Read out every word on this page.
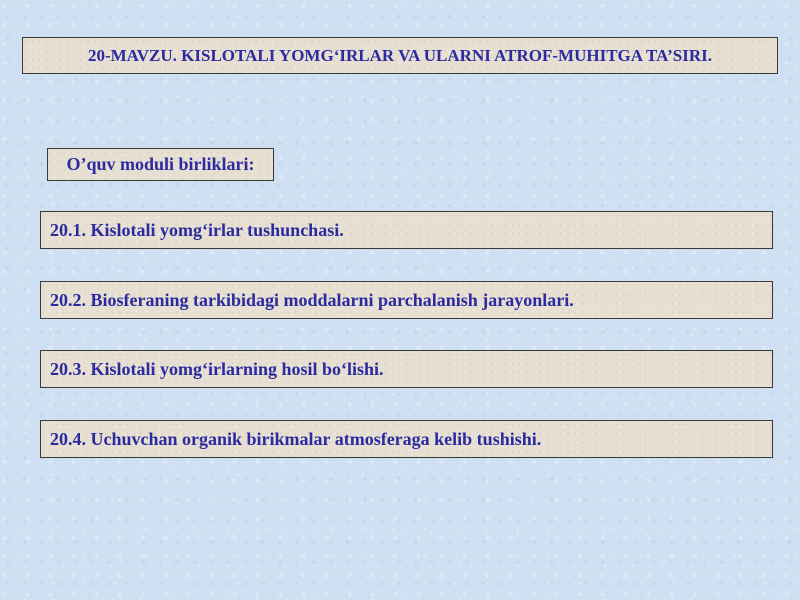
20-MAVZU. KISLOTALI YOMG‘IRLAR VA ULARNI ATROF-MUHITGA TA’SIRI.
O’quv moduli birliklari:
20.1. Kislotali yomg‘irlar tushunchasi.
20.2. Biosferaning tarkibidagi moddalarni parchalanish jarayonlari.
20.3. Kislotali yomg‘irlarning hosil bo‘lishi.
20.4. Uchuvchan organik birikmalar atmosferaga kelib tushishi.
